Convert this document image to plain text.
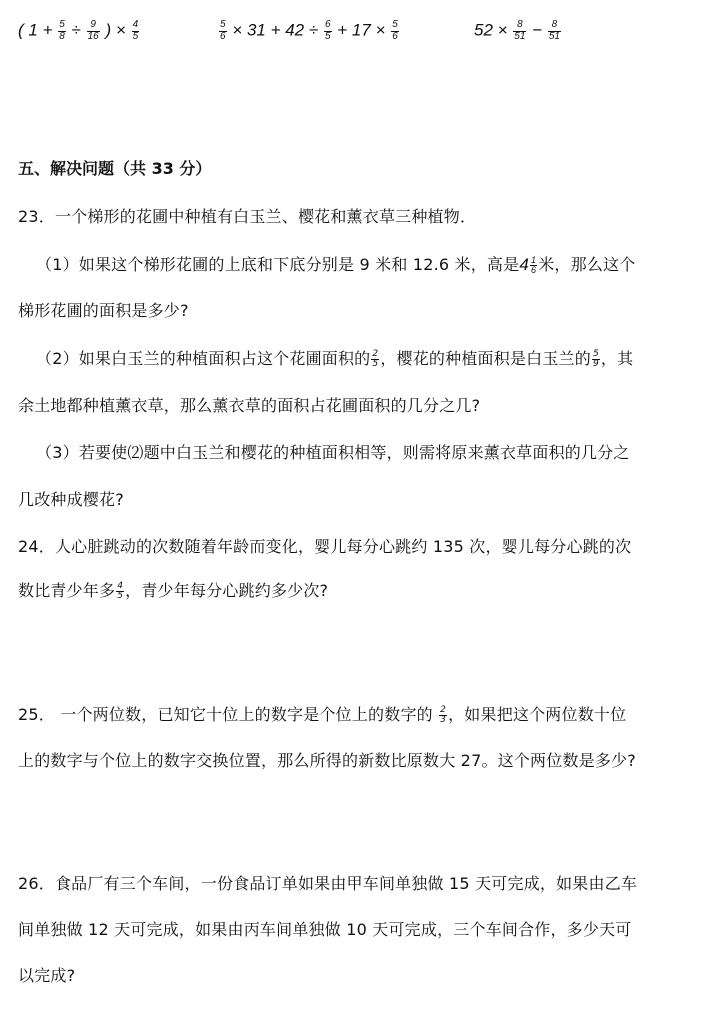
( $1 + \frac{5}{8} \div \frac{9}{16}$ ) × $\frac{4}{5}$	$\frac{5}{6} \times 31 + 42 \div \frac{6}{5} + 17 \times \frac{5}{6}$	$52 \times \frac{8}{51} - \frac{8}{51}$
五、解决问题（共 33 分）
23．一个梯形的花圃中种植有白玉兰、樱花和薰衣草三种植物．
（1）如果这个梯形花圃的上底和下底分别是 9 米和 12.6 米，高是$4 \frac{1}{6}$ 米，那么这个
梯形花圃的面积是多少?
（2）如果白玉兰的种植面积占这个花圃面积的 $\frac{2}{5}$ ，樱花的种植面积是白玉兰的 $\frac{5}{9}$ ，其
余土地都种植薰衣草，那么薰衣草的面积占花圃面积的几分之几?
（3）若要使⑵题中白玉兰和樱花的种植面积相等，则需将原来薰衣草面积的几分之
几改种成樱花?
24．人心脏跳动的次数随着年龄而变化，婴儿每分心跳约 135 次，婴儿每分心跳的次
数比青少年多 $\frac{4}{5}$ ，青少年每分心跳约多少次?
25． 一个两位数，已知它十位上的数字是个位上的数字的 $\frac{2}{3}$ ，如果把这个两位数十位
上的数字与个位上的数字交换位置，那么所得的新数比原数大 27。这个两位数是多少?
26．食品厂有三个车间，一份食品订单如果由甲车间单独做 15 天可完成，如果由乙车
间单独做 12 天可完成，如果由丙车间单独做 10 天可完成，三个车间合作，多少天可
以完成?
